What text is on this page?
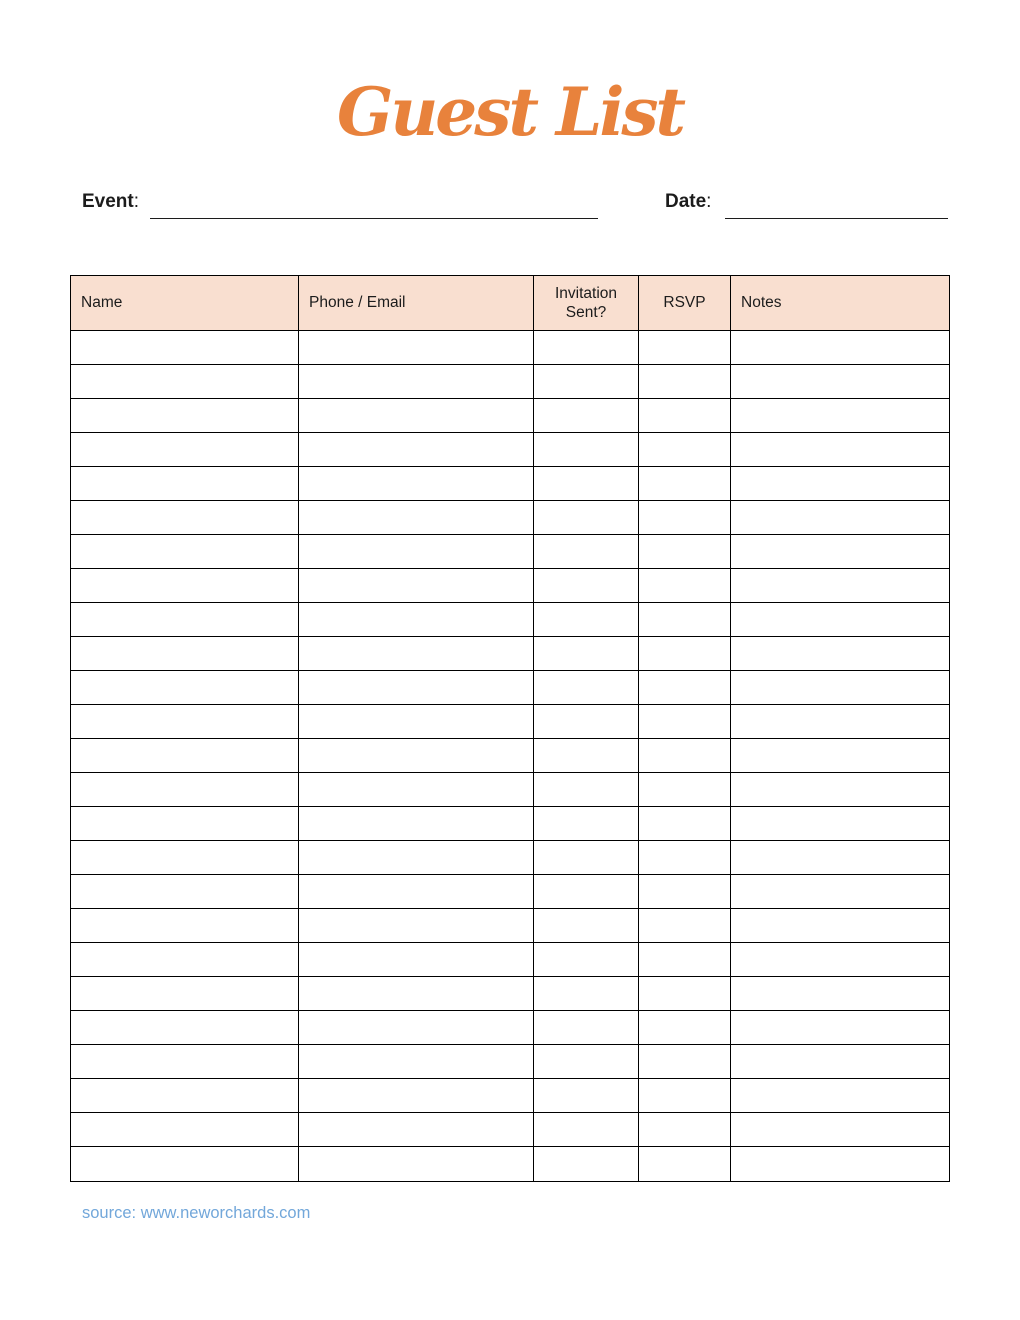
Guest List
Event:	Date:
Name	Phone / Email	Invitation Sent?	RSVP	Notes

source: www.neworchards.com
